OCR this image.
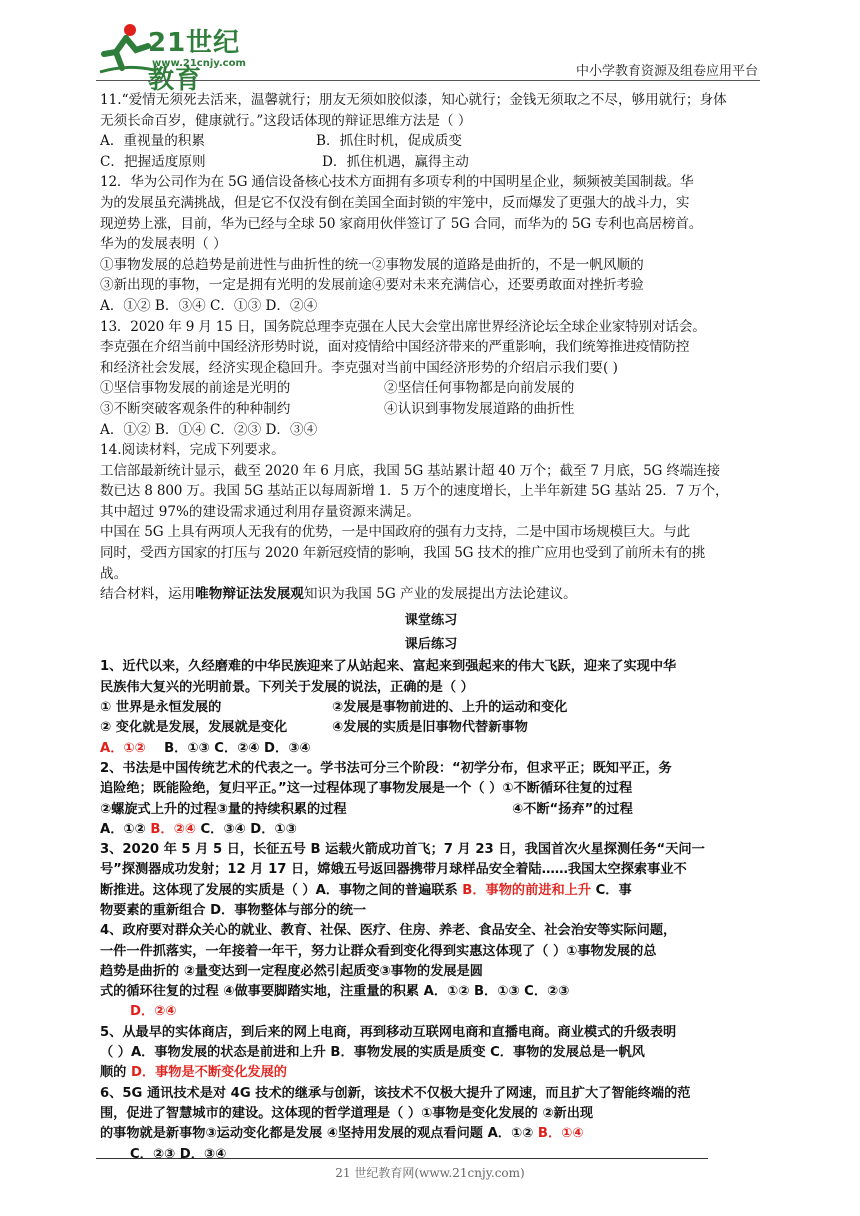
21世纪教育
www.21cnjy.com
中小学教育资源及组卷应用平台
11.“爱情无须死去活来，温馨就行；朋友无须如胶似漆，知心就行；金钱无须取之不尽，够用就行；身体
无须长命百岁，健康就行。”这段话体现的辩证思维方法是（ ）
A．重视量的积累	B．抓住时机，促成质变
C．把握适度原则	D．抓住机遇，赢得主动
12．华为公司作为在 5G 通信设备核心技术方面拥有多项专利的中国明星企业，频频被美国制裁。华
为的发展虽充满挑战，但是它不仅没有倒在美国全面封锁的牢笼中，反而爆发了更强大的战斗力，实
现逆势上涨，目前，华为已经与全球 50 家商用伙伴签订了 5G 合同，而华为的 5G 专利也高居榜首。
华为的发展表明（ ）
①事物发展的总趋势是前进性与曲折性的统一②事物发展的道路是曲折的，不是一帆风顺的
③新出现的事物，一定是拥有光明的发展前途④要对未来充满信心，还要勇敢面对挫折考验
A．①② B．③④ C．①③ D．②④
13．2020 年 9 月 15 日，国务院总理李克强在人民大会堂出席世界经济论坛全球企业家特别对话会。
李克强在介绍当前中国经济形势时说，面对疫情给中国经济带来的严重影响，我们统筹推进疫情防控
和经济社会发展，经济实现企稳回升。李克强对当前中国经济形势的介绍启示我们要( )
①坚信事物发展的前途是光明的	②坚信任何事物都是向前发展的
③不断突破客观条件的种种制约	④认识到事物发展道路的曲折性
A．①② B．①④ C．②③ D．③④
14.阅读材料，完成下列要求。
工信部最新统计显示，截至 2020 年 6 月底，我国 5G 基站累计超 40 万个；截至 7 月底，5G 终端连接
数已达 8 800 万。我国 5G 基站正以每周新增 1．5 万个的速度增长，上半年新建 5G 基站 25．7 万个，
其中超过 97%的建设需求通过利用存量资源来满足。
中国在 5G 上具有两项人无我有的优势，一是中国政府的强有力支持，二是中国市场规模巨大。与此
同时，受西方国家的打压与 2020 年新冠疫情的影响，我国 5G 技术的推广应用也受到了前所未有的挑
战。
结合材料，运用唯物辩证法发展观知识为我国 5G 产业的发展提出方法论建议。
课堂练习
课后练习
1、近代以来，久经磨难的中华民族迎来了从站起来、富起来到强起来的伟大飞跃，迎来了实现中华
民族伟大复兴的光明前景。下列关于发展的说法，正确的是（ ）
① 世界是永恒发展的	②发展是事物前进的、上升的运动和变化
② 变化就是发展，发展就是变化	④发展的实质是旧事物代替新事物
A．①② B．①③ C．②④ D．③④
2、书法是中国传统艺术的代表之一。学书法可分三个阶段：“初学分布，但求平正；既知平正，务
追险绝；既能险绝，复归平正。”这一过程体现了事物发展是一个（ ）①不断循环往复的过程
②螺旋式上升的过程③量的持续积累的过程	④不断“扬弃”的过程
A．①② B．②④ C．③④ D．①③
3、2020 年 5 月 5 日，长征五号 B 运载火箭成功首飞；7 月 23 日，我国首次火星探测任务“天问一
号”探测器成功发射；12 月 17 日，嫦娥五号返回器携带月球样品安全着陆……我国太空探索事业不
断推进。这体现了发展的实质是（ ）A．事物之间的普遍联系 B．事物的前进和上升 C．事
物要素的重新组合 D．事物整体与部分的统一
4、政府要对群众关心的就业、教育、社保、医疗、住房、养老、食品安全、社会治安等实际问题，
一件一件抓落实，一年接着一年干，努力让群众看到变化得到实惠这体现了（ ）①事物发展的总
趋势是曲折的 ②量变达到一定程度必然引起质变③事物的发展是圆
式的循环往复的过程 ④做事要脚踏实地，注重量的积累 A．①② B．①③ C．②③
D．②④
5、从最早的实体商店，到后来的网上电商，再到移动互联网电商和直播电商。商业模式的升级表明
（ ）A．事物发展的状态是前进和上升 B．事物发展的实质是质变 C．事物的发展总是一帆风
顺的 D．事物是不断变化发展的
6、5G 通讯技术是对 4G 技术的继承与创新，该技术不仅极大提升了网速，而且扩大了智能终端的范
围，促进了智慧城市的建设。这体现的哲学道理是（ ）①事物是变化发展的 ②新出现
的事物就是新事物③运动变化都是发展 ④坚持用发展的观点看问题 A．①② B．①④
C．②③ D．③④
21 世纪教育网(www.21cnjy.com)
